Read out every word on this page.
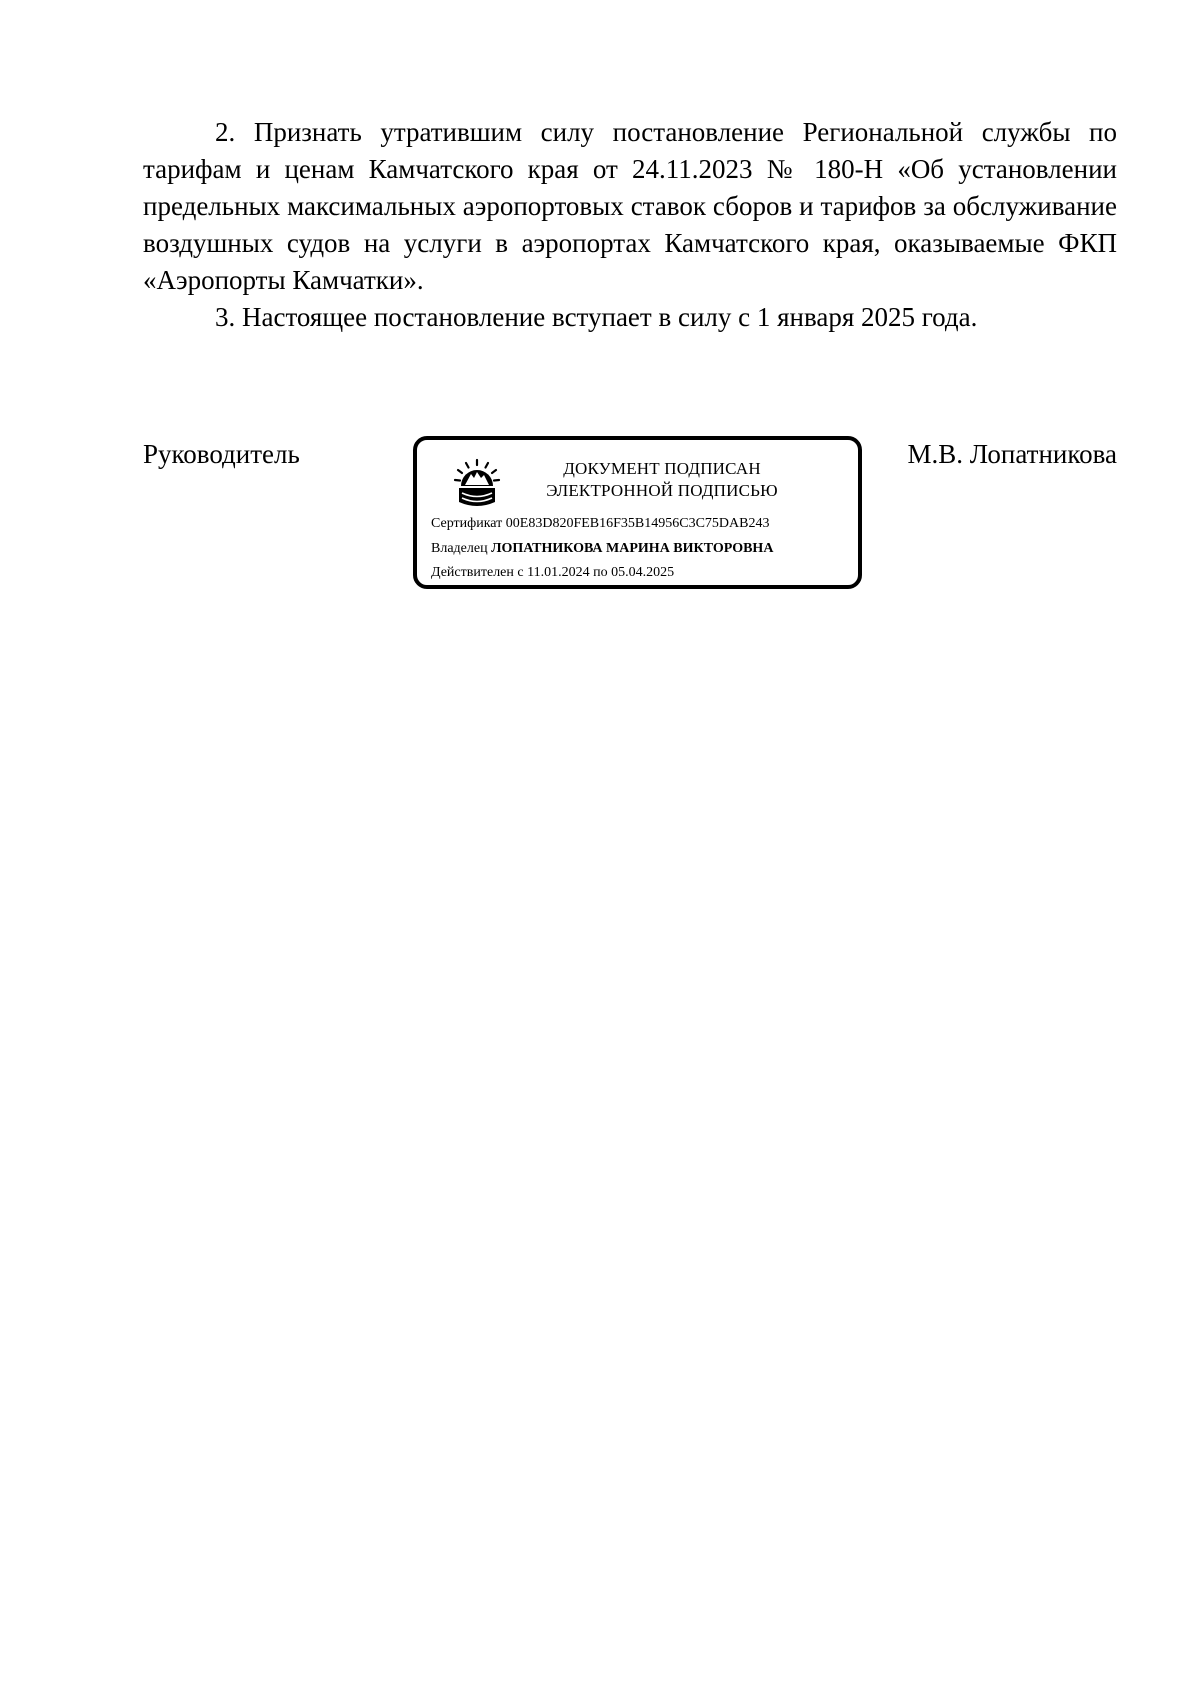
2. Признать утратившим силу постановление Региональной службы по тарифам и ценам Камчатского края от 24.11.2023 № 180-Н «Об установлении предельных максимальных аэропортовых ставок сборов и тарифов за обслуживание воздушных судов на услуги в аэропортах Камчатского края, оказываемые ФКП «Аэропорты Камчатки».

3. Настоящее постановление вступает в силу с 1 января 2025 года.

Руководитель	ДОКУМЕНТ ПОДПИСАН
ЭЛЕКТРОННОЙ ПОДПИСЬЮ
Сертификат 00E83D820FEB16F35B14956C3C75DAB243
Владелец ЛОПАТНИКОВА МАРИНА ВИКТОРОВНА
Действителен с 11.01.2024 по 05.04.2025
М.В. Лопатникова
